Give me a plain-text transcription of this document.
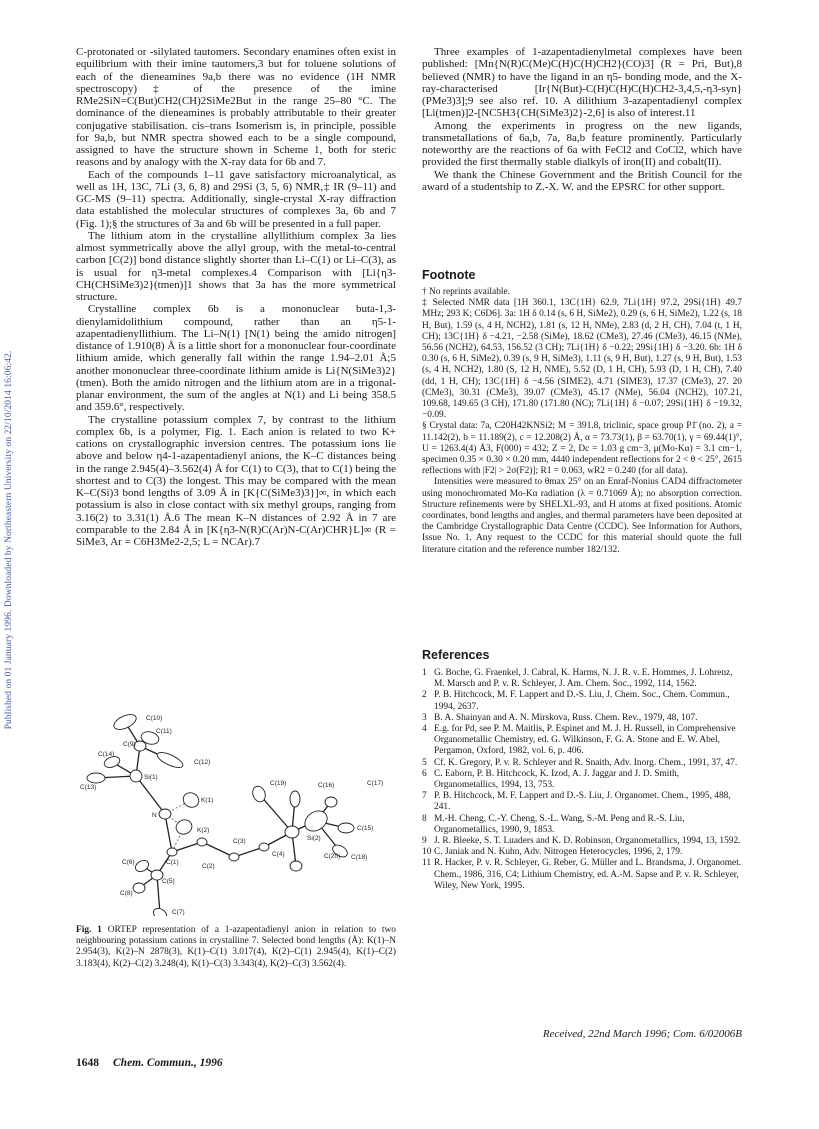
Published on 01 January 1996. Downloaded by Northeastern University on 22/10/2014 16:06:42.

C-protonated or -silylated tautomers. Secondary enamines often exist in equilibrium with their imine tautomers,3 but for toluene solutions of each of the dieneamines 9a,b there was no evidence (1H NMR spectroscopy)‡ of the presence of the imine RMe2SiN=C(But)CH2(CH)2SiMe2But in the range 25–80 °C. The dominance of the dieneamines is probably attributable to their greater conjugative stabilisation. cis–trans Isomerism is, in principle, possible for 9a,b, but NMR spectra showed each to be a single compound, assigned to have the structure shown in Scheme 1, both for steric reasons and by analogy with the X-ray data for 6b and 7.

Each of the compounds 1–11 gave satisfactory microanalytical, as well as 1H, 13C, 7Li (3, 6, 8) and 29Si (3, 5, 6) NMR,‡ IR (9–11) and GC-MS (9–11) spectra. Additionally, single-crystal X-ray diffraction data established the molecular structures of complexes 3a, 6b and 7 (Fig. 1);§ the structures of 3a and 6b will be presented in a full paper.

The lithium atom in the crystalline allyllithium complex 3a lies almost symmetrically above the allyl group, with the metal-to-central carbon [C(2)] bond distance slightly shorter than Li–C(1) or Li–C(3), as is usual for η3-metal complexes.4 Comparison with [Li{η3-CH(CHSiMe3)2}(tmen)]1 shows that 3a has the more symmetrical structure.

Crystalline complex 6b is a mononuclear buta-1,3-dienylamidolithium compound, rather than an η5-1-azapentadienyllithium. The Li–N(1) [N(1) being the amido nitrogen] distance of 1.910(8) Å is a little short for a mononuclear four-coordinate lithium amide, which generally fall within the range 1.94–2.01 Å;5 another mononuclear three-coordinate lithium amide is Li{N(SiMe3)2}(tmen). Both the amido nitrogen and the lithium atom are in a trigonal-planar environment, the sum of the angles at N(1) and Li being 358.5 and 359.6°, respectively.

The crystalline potassium complex 7, by contrast to the lithium complex 6b, is a polymer, Fig. 1. Each anion is related to two K+ cations on crystallographic inversion centres. The potassium ions lie above and below η4-1-azapentadienyl anions, the K–C distances being in the range 2.945(4)–3.562(4) Å for C(1) to C(3), that to C(1) being the shortest and to C(3) the longest. This may be compared with the mean K–C(Si)3 bond lengths of 3.09 Å in [K{C(SiMe3)3}]∞, in which each potassium is also in close contact with six methyl groups, ranging from 3.16(2) to 3.31(1) Å.6 The mean K–N distances of 2.92 Å in 7 are comparable to the 2.84 Å in [K{η3-N(R)C(Ar)N-C(Ar)CHR}L]∞ (R = SiMe3, Ar = C6H3Me2-2,5; L = NCAr).7

Three examples of 1-azapentadienylmetal complexes have been published: [Mn{N(R)C(Me)C(H)C(H)CH2}(CO)3] (R = Pri, But),8 believed (NMR) to have the ligand in an η5- bonding mode, and the X-ray-characterised [Ir{N(But)-C(H)C(H)C(H)CH2-3,4,5,-η3-syn}(PMe3)3];9 see also ref. 10. A dilithium 3-azapentadienyl complex [Li(tmen)]2-[NC5H3{CH(SiMe3)2}-2,6] is also of interest.11

Among the experiments in progress on the new ligands, transmetallations of 6a,b, 7a, 8a,b feature prominently. Particularly noteworthy are the reactions of 6a with FeCl2 and CoCl2, which have provided the first thermally stable dialkyls of iron(II) and cobalt(II).

We thank the Chinese Government and the British Council for the award of a studentship to Z.-X. W. and the EPSRC for other support.

Footnote

† No reprints available.

‡ Selected NMR data [1H 360.1, 13C{1H} 62.9, 7Li{1H} 97.2, 29Si{1H} 49.7 MHz; 293 K; C6D6]. 3a: 1H δ 0.14 (s, 6 H, SiMe2), 0.29 (s, 6 H, SiMe2), 1.22 (s, 18 H, But), 1.59 (s, 4 H, NCH2), 1.81 (s, 12 H, NMe), 2.83 (d, 2 H, CH), 7.04 (t, 1 H, CH); 13C{1H} δ −4.21, −2.58 (SiMe), 18.62 (CMe3), 27.46 (CMe3), 46.15 (NMe), 56.56 (NCH2), 64.53, 156.52 (3 CH); 7Li{1H} δ −0.22; 29Si{1H} δ −3.20. 6b: 1H δ 0.30 (s, 6 H, SiMe2), 0.39 (s, 9 H, SiMe3), 1.11 (s, 9 H, But), 1.27 (s, 9 H, But), 1.53 (s, 4 H, NCH2), 1.80 (S, 12 H, NME), 5.52 (D, 1 H, CH), 5.93 (D, 1 H, CH), 7.40 (dd, 1 H, CH); 13C{1H} δ −4.56 (SIME2), 4.71 (SIME3), 17.37 (CMe3), 27. 20 (CMe3), 30.31 (CMe3), 39.07 (CMe3), 45.17 (NMe), 56.04 (NCH2), 107.21, 109.68, 149.65 (3 CH), 171.80 (171.80 (NC); 7Li{1H} δ −0.07; 29Si{1H} δ −19.32, −0.09.

§ Crystal data: 7a, C20H42KNSi2; M = 391.8, triclinic, space group P1̄ (no. 2), a = 11.142(2), b = 11.189(2), c = 12.208(2) Å, α = 73.73(1), β = 63.70(1), γ = 69.44(1)°, U = 1263.4(4) Å3, F(000) = 432; Z = 2, Dc = 1.03 g cm−3, μ(Mo-Kα) = 3.1 cm−1, specimen 0.35 × 0.30 × 0.20 mm, 4440 independent reflections for 2 < θ < 25°, 2615 reflections with |F2| > 2σ(F2)]; R1 = 0.063, wR2 = 0.240 (for all data).

Intensities were measured to θmax 25° on an Enraf-Nonius CAD4 diffractometer using monochromated Mo-Kα radiation (λ = 0.71069 Å); no absorption correction. Structure refinements were by SHELXL-93, and H atoms at fixed positions. Atomic coordinates, bond lengths and angles, and thermal parameters have been deposited at the Cambridge Crystallographic Data Centre (CCDC). See Information for Authors, Issue No. 1. Any request to the CCDC for this material should quote the full literature citation and the reference number 182/132.

References
1 G. Boche, G. Fraenkel, J. Cabral, K. Harms, N. J. R. v. E. Hommes, J. Lohrenz, M. Marsch and P. v. R. Schleyer, J. Am. Chem. Soc., 1992, 114, 1562.
2 P. B. Hitchcock, M. F. Lappert and D.-S. Liu, J. Chem. Soc., Chem. Commun., 1994, 2637.
3 B. A. Shainyan and A. N. Mirskova, Russ. Chem. Rev., 1979, 48, 107.
4 E.g. for Pd, see P. M. Maitlis, P. Espinet and M. J. H. Russell, in Comprehensive Organometallic Chemistry, ed. G. Wilkinson, F. G. A. Stone and E. W. Abel, Pergamon, Oxford, 1982, vol. 6, p. 406.
5 Cf. K. Gregory, P. v. R. Schleyer and R. Snaith, Adv. Inorg. Chem., 1991, 37, 47.
6 C. Eaborn, P. B. Hitchcock, K. Izod, A. J. Jaggar and J. D. Smith, Organometallics, 1994, 13, 753.
7 P. B. Hitchcock, M. F. Lappert and D.-S. Liu, J. Organomet. Chem., 1995, 488, 241.
8 M.-H. Cheng, C.-Y. Cheng, S.-L. Wang, S.-M. Peng and R.-S. Liu, Organometallics, 1990, 9, 1853.
9 J. R. Bleeke, S. T. Luaders and K. D. Robinson, Organometallics, 1994, 13, 1592.
10 C. Janiak and N. Kuhn, Adv. Nitrogen Heterocycles, 1996, 2, 179.
11 R. Hacker, P. v. R. Schleyer, G. Reber, G. Müller and L. Brandsma, J. Organomet. Chem., 1986, 316, C4; Lithium Chemistry, ed. A.-M. Sapse and P. v. R. Schleyer, Wiley, New York, 1995.
Received, 22nd March 1996; Com. 6/02006B
C(10)
C(11)
C(9)
C(12)
C(14)
Si(1)
C(13)
K(1)
N
K(2)
C(3)
C(1)
C(2)
C(6)
C(5)
C(8)
C(7)
C(4)
C(19)	C(16)	C(17)
C(15)
Si(2)
C(20) C(18)

Fig. 1 ORTEP representation of a 1-azapentadienyl anion in relation to two neighbouring potassium cations in crystalline 7. Selected bond lengths (Å): K(1)–N 2.954(3), K(2)–N 2878(3), K(1)–C(1) 3.017(4), K(2)–C(1) 2.945(4), K(1)–C(2) 3.183(4), K(2)–C(2) 3.248(4), K(1)–C(3) 3.343(4), K(2)–C(3) 3.562(4).

1648 Chem. Commun., 1996
